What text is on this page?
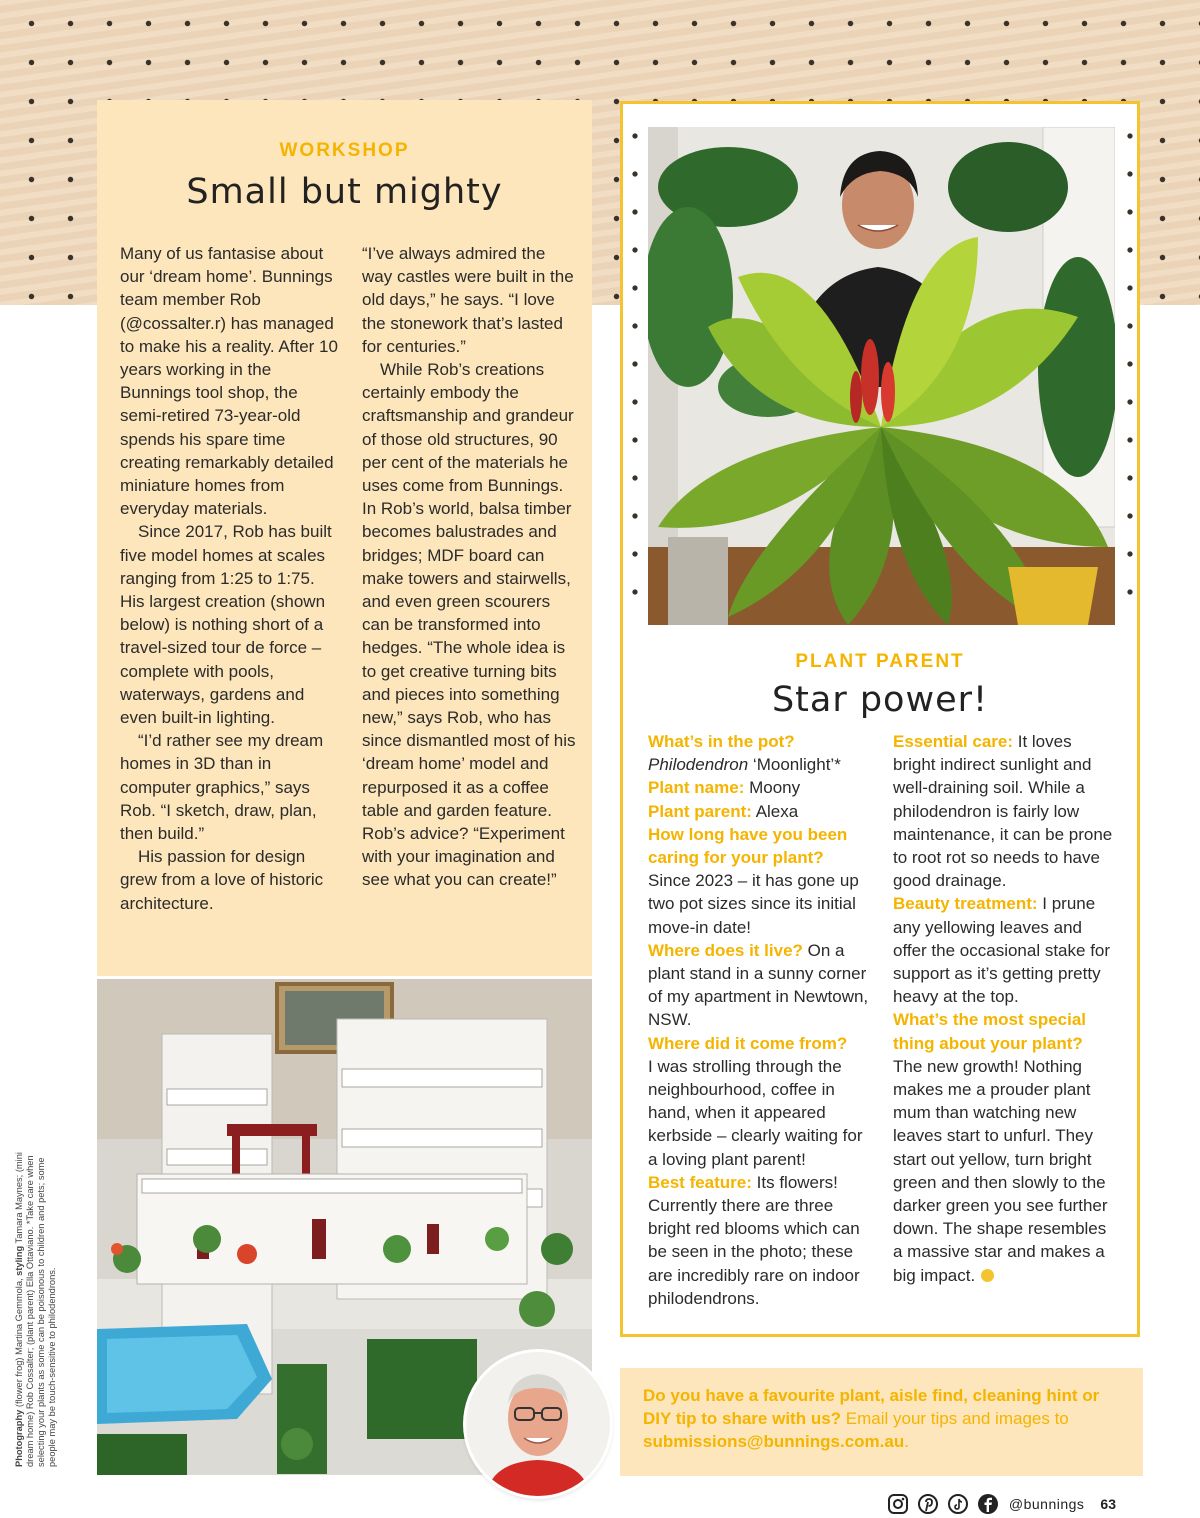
WORKSHOP
Small but mighty

Many of us fantasise about our ‘dream home’. Bunnings team member Rob (@cossalter.r) has managed to make his a reality. After 10 years working in the Bunnings tool shop, the semi-retired 73-year-old spends his spare time creating remarkably detailed miniature homes from everyday materials.

Since 2017, Rob has built five model homes at scales ranging from 1:25 to 1:75. His largest creation (shown below) is nothing short of a travel-sized tour de force – complete with pools, waterways, gardens and even built-in lighting.

“I’d rather see my dream homes in 3D than in computer graphics,” says Rob. “I sketch, draw, plan, then build.”

His passion for design grew from a love of historic architecture.

“I’ve always admired the way castles were built in the old days,” he says. “I love the stonework that’s lasted for centuries.”

While Rob’s creations certainly embody the craftsmanship and grandeur of those old structures, 90 per cent of the materials he uses come from Bunnings. In Rob’s world, balsa timber becomes balustrades and bridges; MDF board can make towers and stairwells, and even green scourers can be transformed into hedges. “The whole idea is to get creative turning bits and pieces into something new,” says Rob, who has since dismantled most of his ‘dream home’ model and repurposed it as a coffee table and garden feature. Rob’s advice? “Experiment with your imagination and see what you can create!”

PLANT PARENT
Star power!

What’s in the pot?

Philodendron ‘Moonlight’*

Plant name: Moony

Plant parent: Alexa

How long have you been caring for your plant?

Since 2023 – it has gone up two pot sizes since its initial move-in date!

Where does it live? On a plant stand in a sunny corner of my apartment in Newtown, NSW.

Where did it come from?

I was strolling through the neighbourhood, coffee in hand, when it appeared kerbside – clearly waiting for a loving plant parent!

Best feature: Its flowers! Currently there are three bright red blooms which can be seen in the photo; these are incredibly rare on indoor philodendrons.

Essential care: It loves bright indirect sunlight and well-draining soil. While a philodendron is fairly low maintenance, it can be prone to root rot so needs to have good drainage.

Beauty treatment: I prune any yellowing leaves and offer the occasional stake for support as it’s getting pretty heavy at the top.

What’s the most special thing about your plant?

The new growth! Nothing makes me a prouder plant mum than watching new leaves start to unfurl. They start out yellow, turn bright green and then slowly to the darker green you see further down. The shape resembles a massive star and makes a big impact.

Do you have a favourite plant, aisle find, cleaning hint or DIY tip to share with us? Email your tips and images to submissions@bunnings.com.au.
Photography (flower frog) Martina Gemmola, styling Tamara Maynes; (mini dream home) Rob Cossalter; (plant parent) Ella Ottaviano. *Take care when selecting your plants as some can be poisonous to children and pets; some people may be touch-sensitive to philodendrons.
@bunnings 63
